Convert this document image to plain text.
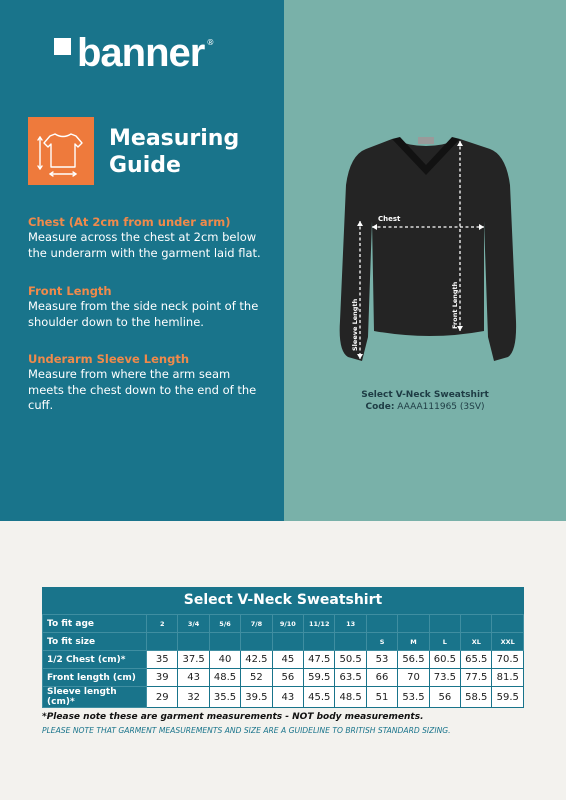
banner ®
Measuring
Guide
Chest (At 2cm from under arm)

Measure across the chest at 2cm below the underarm with the garment laid flat.

Front Length

Measure from the side neck point of the shoulder down to the hemline.

Underarm Sleeve Length

Measure from where the arm seam meets the chest down to the end of the cuff.

Chest
Sleeve Length	Front Length
Select V-Neck Sweatshirt
Code: AAAA111965 (3SV)
Select V-Neck Sweatshirt
To fit age	2	3/4	5/6	7/8	9/10	11/12	13					
To fit size								S	M	L	XL	XXL
1/2 Chest (cm)*	35	37.5	40	42.5	45	47.5	50.5	53	56.5	60.5	65.5	70.5
Front length (cm)	39	43	48.5	52	56	59.5	63.5	66	70	73.5	77.5	81.5
Sleeve length (cm)*	29	32	35.5	39.5	43	45.5	48.5	51	53.5	56	58.5	59.5
*Please note these are garment measurements - NOT body measurements.
PLEASE NOTE THAT GARMENT MEASUREMENTS AND SIZE ARE A GUIDELINE TO BRITISH STANDARD SIZING.
